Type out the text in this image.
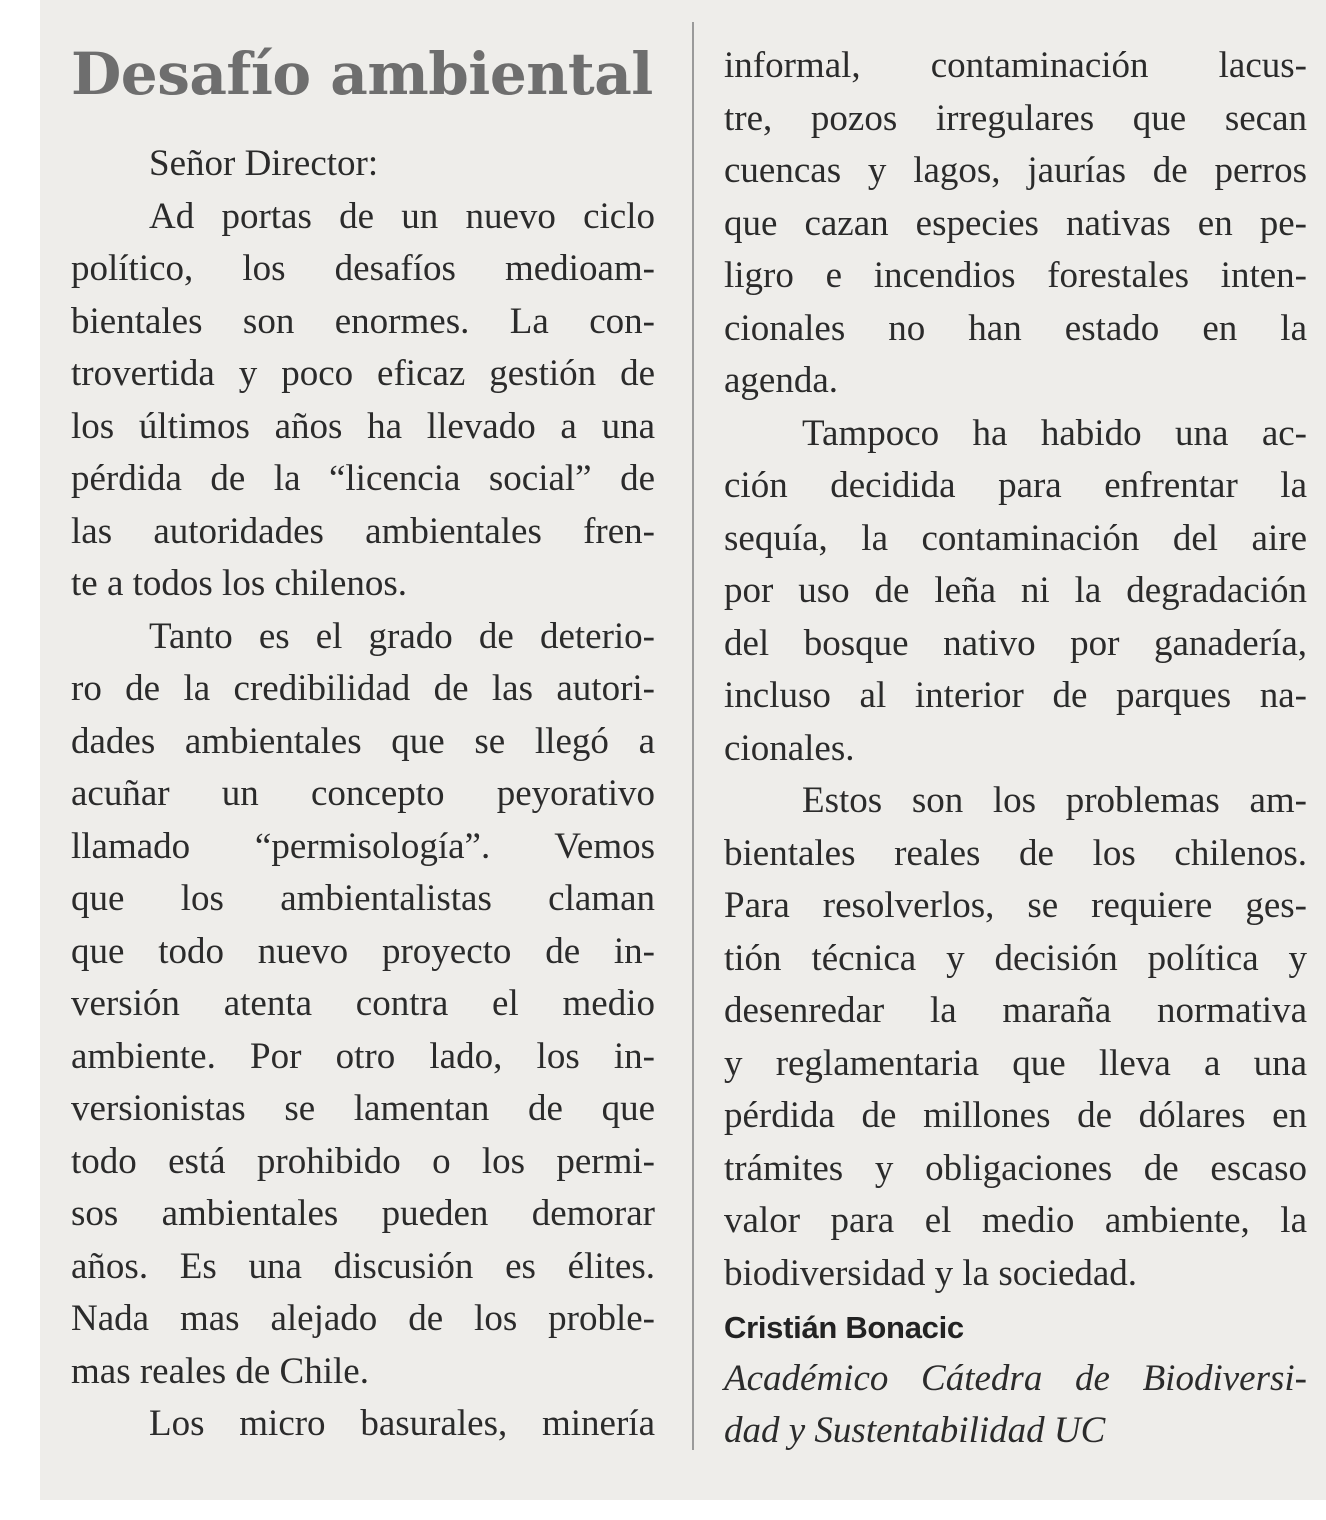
Desafío ambiental
Señor Director:
Ad portas de un nuevo ciclo
político, los desafíos medioam-
bientales son enormes. La con-
trovertida y poco eficaz gestión de
los últimos años ha llevado a una
pérdida de la “licencia social” de
las autoridades ambientales fren-
te a todos los chilenos.
Tanto es el grado de deterio-
ro de la credibilidad de las autori-
dades ambientales que se llegó a
acuñar un concepto peyorativo
llamado “permisología”. Vemos
que los ambientalistas claman
que todo nuevo proyecto de in-
versión atenta contra el medio
ambiente. Por otro lado, los in-
versionistas se lamentan de que
todo está prohibido o los permi-
sos ambientales pueden demorar
años. Es una discusión es élites.
Nada mas alejado de los proble-
mas reales de Chile.
Los micro basurales, minería
informal, contaminación lacus-
tre, pozos irregulares que secan
cuencas y lagos, jaurías de perros
que cazan especies nativas en pe-
ligro e incendios forestales inten-
cionales no han estado en la
agenda.
Tampoco ha habido una ac-
ción decidida para enfrentar la
sequía, la contaminación del aire
por uso de leña ni la degradación
del bosque nativo por ganadería,
incluso al interior de parques na-
cionales.
Estos son los problemas am-
bientales reales de los chilenos.
Para resolverlos, se requiere ges-
tión técnica y decisión política y
desenredar la maraña normativa
y reglamentaria que lleva a una
pérdida de millones de dólares en
trámites y obligaciones de escaso
valor para el medio ambiente, la
biodiversidad y la sociedad.
Cristián Bonacic
Académico Cátedra de Biodiversi-
dad y Sustentabilidad UC
